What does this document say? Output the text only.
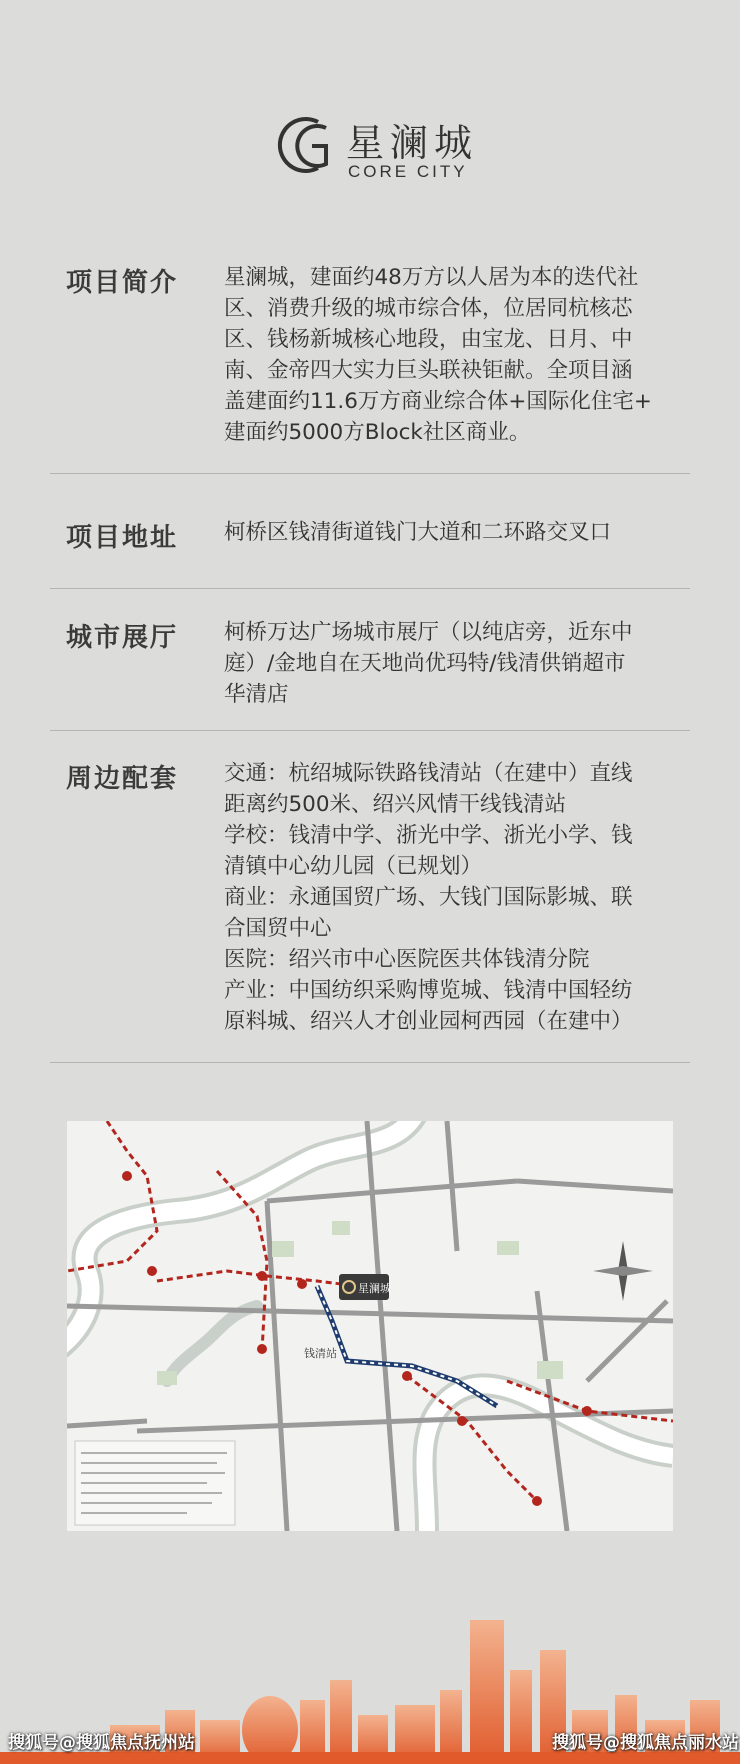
星澜城
CORE CITY
项目简介 星澜城，建面约48万方以人居为本的迭代社

区、消费升级的城市综合体，位居同杭核芯

区、钱杨新城核心地段，由宝龙、日月、中

南、金帝四大实力巨头联袂钜献。全项目涵

盖建面约11.6万方商业综合体+国际化住宅+

建面约5000方Block社区商业。

项目地址 柯桥区钱清街道钱门大道和二环路交叉口

城市展厅 柯桥万达广场城市展厅（以纯店旁，近东中

庭）/金地自在天地尚优玛特/钱清供销超市

华清店

周边配套 交通：杭绍城际铁路钱清站（在建中）直线

距离约500米、绍兴风情干线钱清站

学校：钱清中学、浙光中学、浙光小学、钱

清镇中心幼儿园（已规划）

商业：永通国贸广场、大钱门国际影城、联

合国贸中心

医院：绍兴市中心医院医共体钱清分院

产业：中国纺织采购博览城、钱清中国轻纺

原料城、绍兴人才创业园柯西园（在建中）

星澜城
钱清站
搜狐号@搜狐焦点抚州站	搜狐号@搜狐焦点丽水站
